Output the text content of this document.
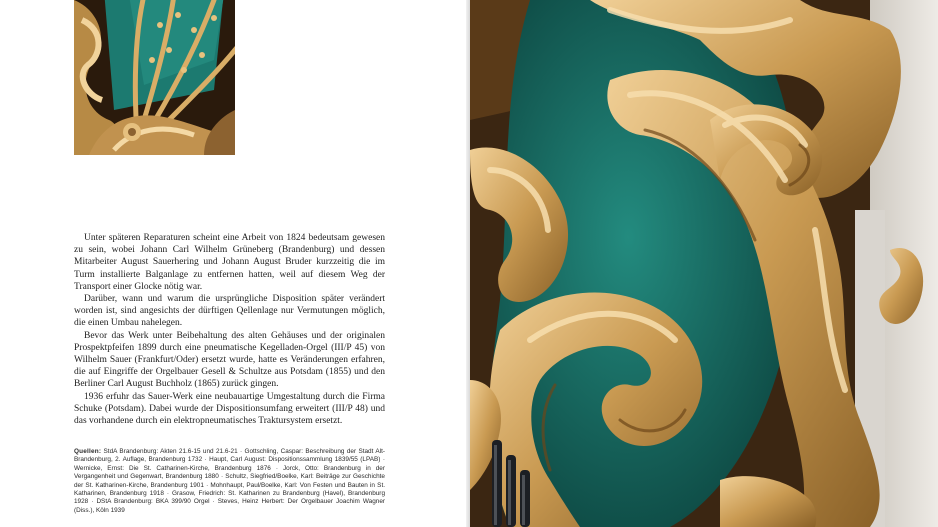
Unter späteren Reparaturen scheint eine Arbeit von 1824 bedeutsam gewesen zu sein, wobei Johann Carl Wilhelm Grüneberg (Brandenburg) und dessen Mitarbeiter August Sauerhering und Johann August Bruder kurzzeitig die im Turm installierte Balganlage zu entfernen hatten, weil auf diesem Weg der Transport einer Glocke nötig war.

Darüber, wann und warum die ursprüngliche Disposition später verändert worden ist, sind angesichts der dürftigen Qellenlage nur Vermutungen möglich, die einen Umbau nahelegen.

Bevor das Werk unter Beibehaltung des alten Gehäuses und der originalen Prospektpfeifen 1899 durch eine pneumatische Kegelladen-Orgel (III/P 45) von Wilhelm Sauer (Frankfurt/Oder) ersetzt wurde, hatte es Veränderungen erfahren, die auf Eingriffe der Orgelbauer Gesell & Schultze aus Potsdam (1855) und den Berliner Carl August Buchholz (1865) zurück gingen.

1936 erfuhr das Sauer-Werk eine neubauartige Umgestaltung durch die Firma Schuke (Potsdam). Dabei wurde der Dispositionsumfang erweitert (III/P 48) und das vorhandene durch ein elektropneumatisches Traktursystem ersetzt.

Quellen: StdA Brandenburg: Akten 21.6-15 und 21.6-21 · Gottschling, Caspar: Beschreibung der Stadt Alt-Brandenburg, 2. Auflage, Brandenburg 1732 · Haupt, Carl August: Dispositionssammlung 1839/55 (LPAB) · Wernicke, Ernst: Die St. Catharinen-Kirche, Brandenburg 1876 · Jorck, Otto: Brandenburg in der Vergangenheit und Gegenwart, Brandenburg 1880 · Schultz, Siegfried/Boelke, Karl: Beiträge zur Geschichte der St. Katharinen-Kirche, Brandenburg 1901 · Mohnhaupt, Paul/Boelke, Karl: Von Festen und Bauten in St. Katharinen, Brandenburg 1918 · Grasow, Friedrich: St. Katharinen zu Brandenburg (Havel), Brandenburg 1928 · DStA Brandenburg: BKA 399/90 Orgel · Steves, Heinz Herbert: Der Orgelbauer Joachim Wagner (Diss.), Köln 1939
